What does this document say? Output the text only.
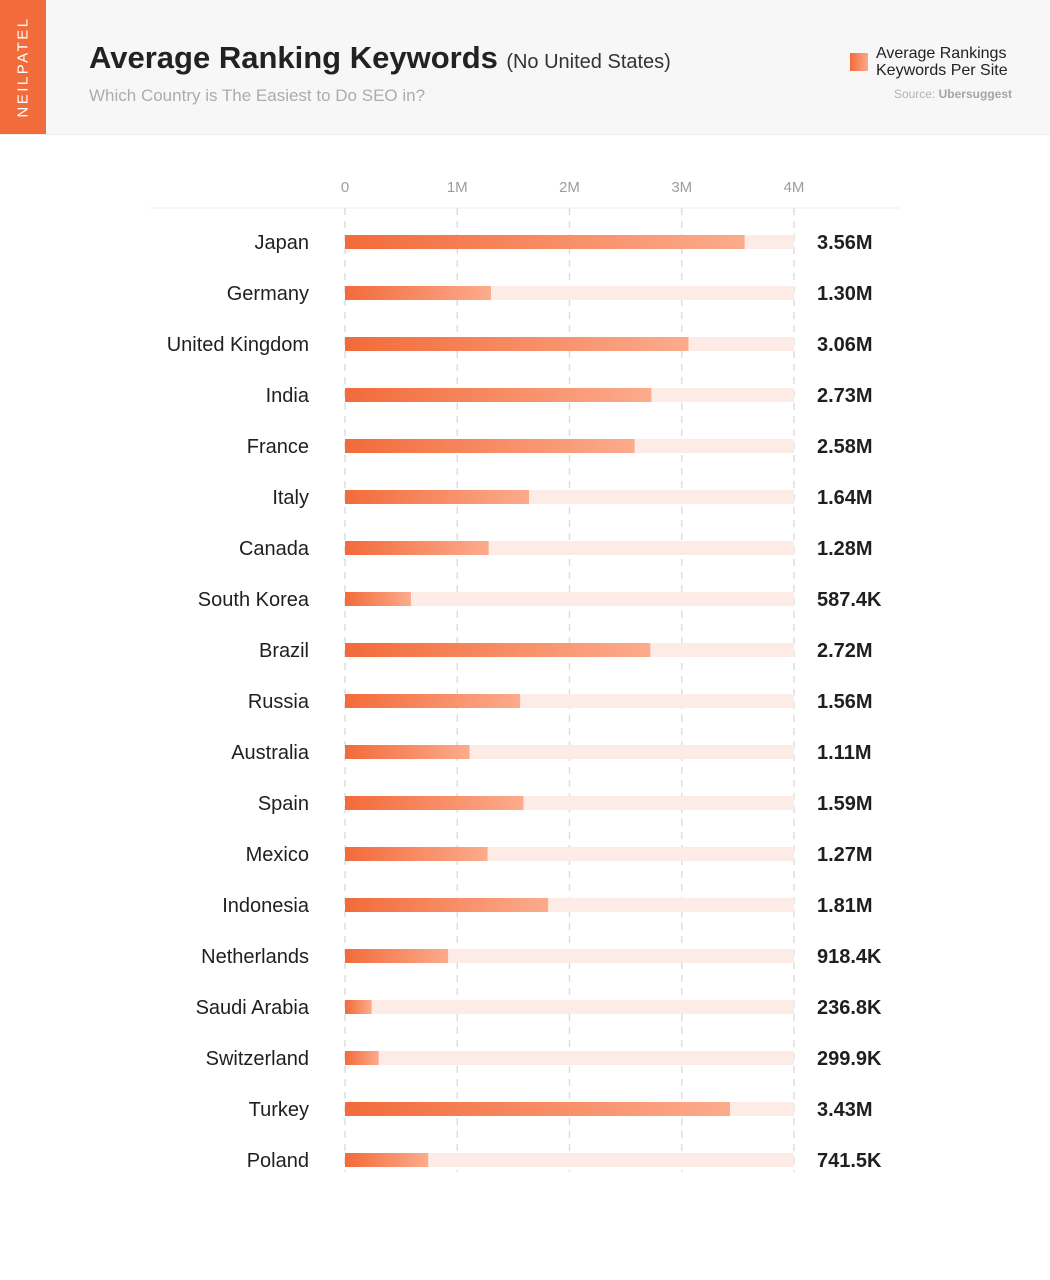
NEILPATEL Average Ranking Keywords (No United States)
Which Country is The Easiest to Do SEO in?
Average Rankings Keywords Per Site
Source: Ubersuggest
0	1M	2M	3M	4M
Japan	3.56M
Germany	1.30M
United Kingdom	3.06M
India	2.73M
France	2.58M
Italy	1.64M
Canada	1.28M
South Korea	587.4K
Brazil	2.72M
Russia	1.56M
Australia	1.11M
Spain	1.59M
Mexico	1.27M
Indonesia	1.81M
Netherlands	918.4K
Saudi Arabia	236.8K
Switzerland	299.9K
Turkey	3.43M
Poland	741.5K
